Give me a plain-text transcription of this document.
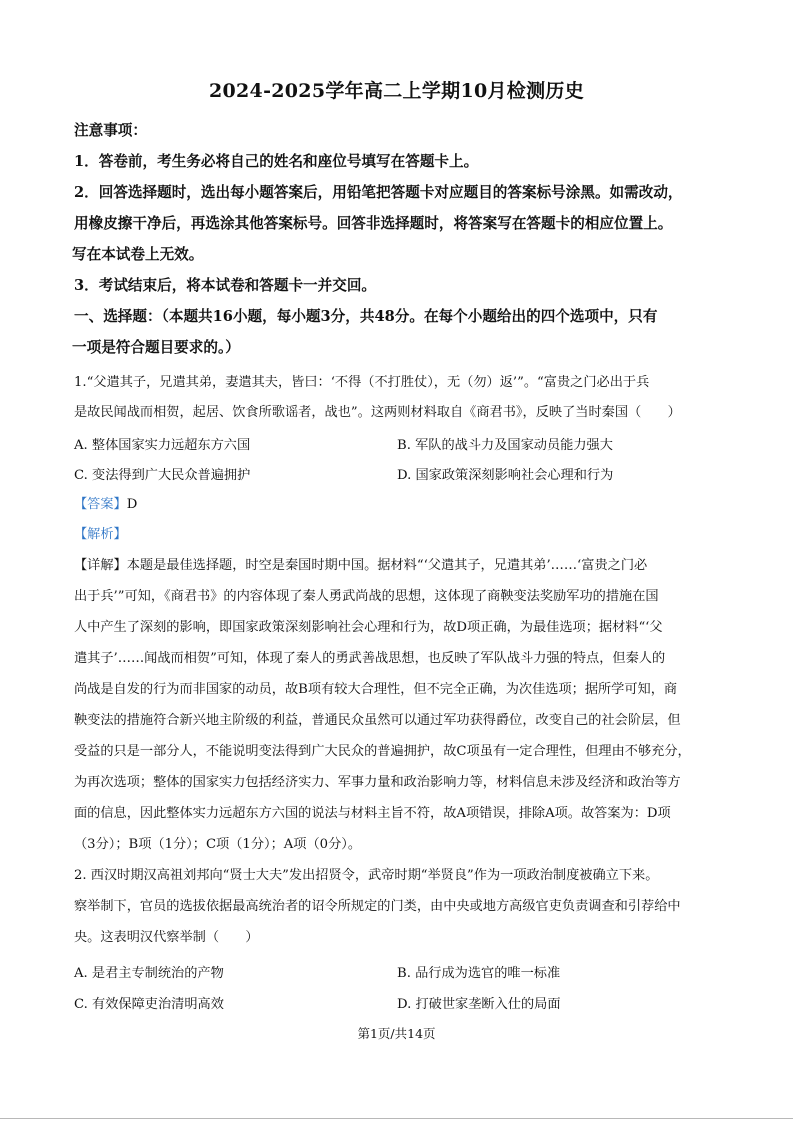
2024-2025学年高二上学期10月检测历史
注意事项：
1．答卷前，考生务必将自己的姓名和座位号填写在答题卡上。
2．回答选择题时，选出每小题答案后，用铅笔把答题卡对应题目的答案标号涂黑。如需改动，
用橡皮擦干净后，再选涂其他答案标号。回答非选择题时，将答案写在答题卡的相应位置上。
写在本试卷上无效。
3．考试结束后，将本试卷和答题卡一并交回。
一、选择题：（本题共16小题，每小题3分，共48分。在每个小题给出的四个选项中，只有
一项是符合题目要求的。）
1.“父遣其子，兄遣其弟，妻遣其夫，皆曰：‘不得（不打胜仗），无（勿）返’”。“富贵之门必出于兵
是故民闻战而相贺，起居、饮食所歌谣者，战也”。这两则材料取自《商君书》，反映了当时秦国（　　）
A. 整体国家实力远超东方六国	B. 军队的战斗力及国家动员能力强大
C. 变法得到广大民众普遍拥护	D. 国家政策深刻影响社会心理和行为
【答案】D
【解析】
【详解】本题是最佳选择题，时空是秦国时期中国。据材料“‘父遣其子，兄遣其弟’……‘富贵之门必
出于兵’”可知，《商君书》的内容体现了秦人勇武尚战的思想，这体现了商鞅变法奖励军功的措施在国
人中产生了深刻的影响，即国家政策深刻影响社会心理和行为，故D项正确，为最佳选项；据材料“‘父
遣其子’……闻战而相贺”可知，体现了秦人的勇武善战思想，也反映了军队战斗力强的特点，但秦人的
尚战是自发的行为而非国家的动员，故B项有较大合理性，但不完全正确，为次佳选项；据所学可知，商
鞅变法的措施符合新兴地主阶级的利益，普通民众虽然可以通过军功获得爵位，改变自己的社会阶层，但
受益的只是一部分人，不能说明变法得到广大民众的普遍拥护，故C项虽有一定合理性，但理由不够充分，
为再次选项；整体的国家实力包括经济实力、军事力量和政治影响力等，材料信息未涉及经济和政治等方
面的信息，因此整体实力远超东方六国的说法与材料主旨不符，故A项错误，排除A项。故答案为：D项
（3分）；B项（1分）；C项（1分）；A项（0分）。
2. 西汉时期汉高祖刘邦向“贤士大夫”发出招贤令，武帝时期“举贤良”作为一项政治制度被确立下来。
察举制下，官员的选拔依据最高统治者的诏令所规定的门类，由中央或地方高级官吏负责调查和引荐给中
央。这表明汉代察举制（　　）
A. 是君主专制统治的产物	B. 品行成为选官的唯一标准
C. 有效保障吏治清明高效	D. 打破世家垄断入仕的局面
第1页/共14页
